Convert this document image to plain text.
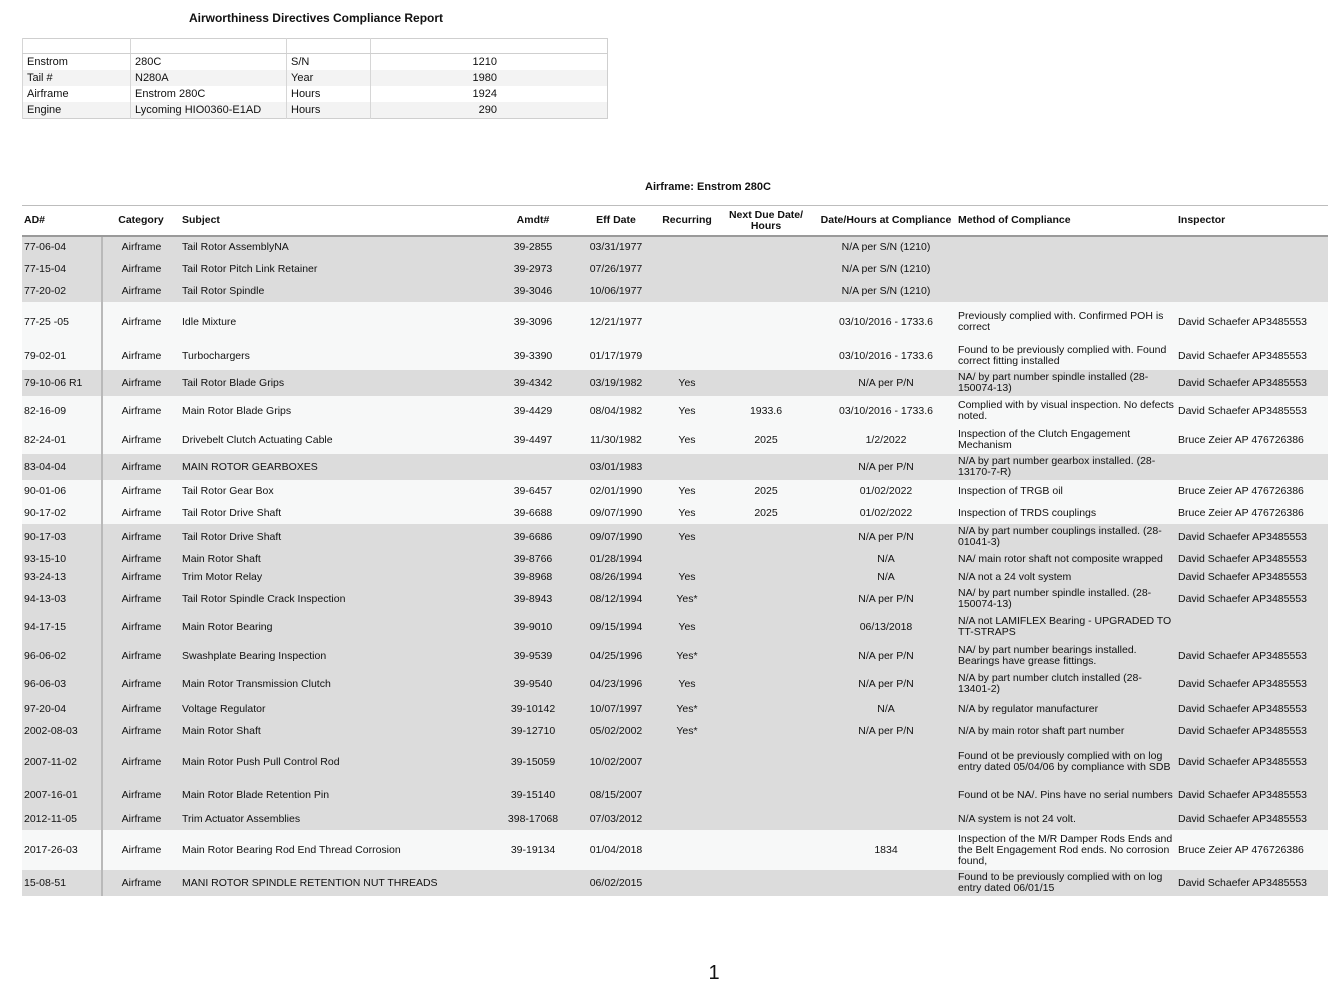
Airworthiness Directives Compliance Report

Enstrom	280C	S/N	1210
Tail #	N280A	Year	1980
Airframe	Enstrom 280C	Hours	1924
Engine	Lycoming HIO0360-E1AD	Hours	290
Airframe: Enstrom 280C
AD#	Category	Subject	Amdt#	Eff Date	Recurring	Next Due Date/ Hours	Date/Hours at Compliance	Method of Compliance	Inspector
77-06-04	Airframe	Tail Rotor AssemblyNA	39-2855	03/31/1977			N/A per S/N (1210)		
77-15-04	Airframe	Tail Rotor Pitch Link Retainer	39-2973	07/26/1977			N/A per S/N (1210)		
77-20-02	Airframe	Tail Rotor Spindle	39-3046	10/06/1977			N/A per S/N (1210)		
77-25 -05	Airframe	Idle Mixture	39-3096	12/21/1977			03/10/2016 - 1733.6	Previously complied with. Confirmed POH is correct	David Schaefer AP3485553
79-02-01	Airframe	Turbochargers	39-3390	01/17/1979			03/10/2016 - 1733.6	Found to be previously complied with. Found correct fitting installed	David Schaefer AP3485553
79-10-06 R1	Airframe	Tail Rotor Blade Grips	39-4342	03/19/1982	Yes		N/A per P/N	NA/ by part number spindle installed (28-150074-13)	David Schaefer AP3485553
82-16-09	Airframe	Main Rotor Blade Grips	39-4429	08/04/1982	Yes	1933.6	03/10/2016 - 1733.6	Complied with by visual inspection. No defects noted.	David Schaefer AP3485553
82-24-01	Airframe	Drivebelt Clutch Actuating Cable	39-4497	11/30/1982	Yes	2025	1/2/2022	Inspection of the Clutch Engagement Mechanism	Bruce Zeier AP 476726386
83-04-04	Airframe	MAIN ROTOR GEARBOXES		03/01/1983			N/A per P/N	N/A by part number gearbox installed. (28-13170-7-R)	
90-01-06	Airframe	Tail Rotor Gear Box	39-6457	02/01/1990	Yes	2025	01/02/2022	Inspection of TRGB oil	Bruce Zeier AP 476726386
90-17-02	Airframe	Tail Rotor Drive Shaft	39-6688	09/07/1990	Yes	2025	01/02/2022	Inspection of TRDS couplings	Bruce Zeier AP 476726386
90-17-03	Airframe	Tail Rotor Drive Shaft	39-6686	09/07/1990	Yes		N/A per P/N	N/A by part number couplings installed. (28-01041-3)	David Schaefer AP3485553
93-15-10	Airframe	Main Rotor Shaft	39-8766	01/28/1994			N/A	NA/ main rotor shaft not composite wrapped	David Schaefer AP3485553
93-24-13	Airframe	Trim Motor Relay	39-8968	08/26/1994	Yes		N/A	N/A not a 24 volt system	David Schaefer AP3485553
94-13-03	Airframe	Tail Rotor Spindle Crack Inspection	39-8943	08/12/1994	Yes*		N/A per P/N	NA/ by part number spindle installed. (28-150074-13)	David Schaefer AP3485553
94-17-15	Airframe	Main Rotor Bearing	39-9010	09/15/1994	Yes		06/13/2018	N/A not LAMIFLEX Bearing - UPGRADED TO TT-STRAPS	
96-06-02	Airframe	Swashplate Bearing Inspection	39-9539	04/25/1996	Yes*		N/A per P/N	NA/ by part number bearings installed. Bearings have grease fittings.	David Schaefer AP3485553
96-06-03	Airframe	Main Rotor Transmission Clutch	39-9540	04/23/1996	Yes		N/A per P/N	N/A by part number clutch installed (28-13401-2)	David Schaefer AP3485553
97-20-04	Airframe	Voltage Regulator	39-10142	10/07/1997	Yes*		N/A	N/A by regulator manufacturer	David Schaefer AP3485553
2002-08-03	Airframe	Main Rotor Shaft	39-12710	05/02/2002	Yes*		N/A per P/N	N/A by main rotor shaft part number	David Schaefer AP3485553
2007-11-02	Airframe	Main Rotor Push Pull Control Rod	39-15059	10/02/2007				Found ot be previously complied with on log entry dated 05/04/06 by compliance with SDB	David Schaefer AP3485553
2007-16-01	Airframe	Main Rotor Blade Retention Pin	39-15140	08/15/2007				Found ot be NA/. Pins have no serial numbers	David Schaefer AP3485553
2012-11-05	Airframe	Trim Actuator Assemblies	398-17068	07/03/2012				N/A system is not 24 volt.	David Schaefer AP3485553
2017-26-03	Airframe	Main Rotor Bearing Rod End Thread Corrosion	39-19134	01/04/2018			1834	Inspection of the M/R Damper Rods Ends and the Belt Engagement Rod ends. No corrosion found,	Bruce Zeier AP 476726386
15-08-51	Airframe	MANI ROTOR SPINDLE RETENTION NUT THREADS		06/02/2015				Found to be previously complied with on log entry dated 06/01/15	David Schaefer AP3485553
1
